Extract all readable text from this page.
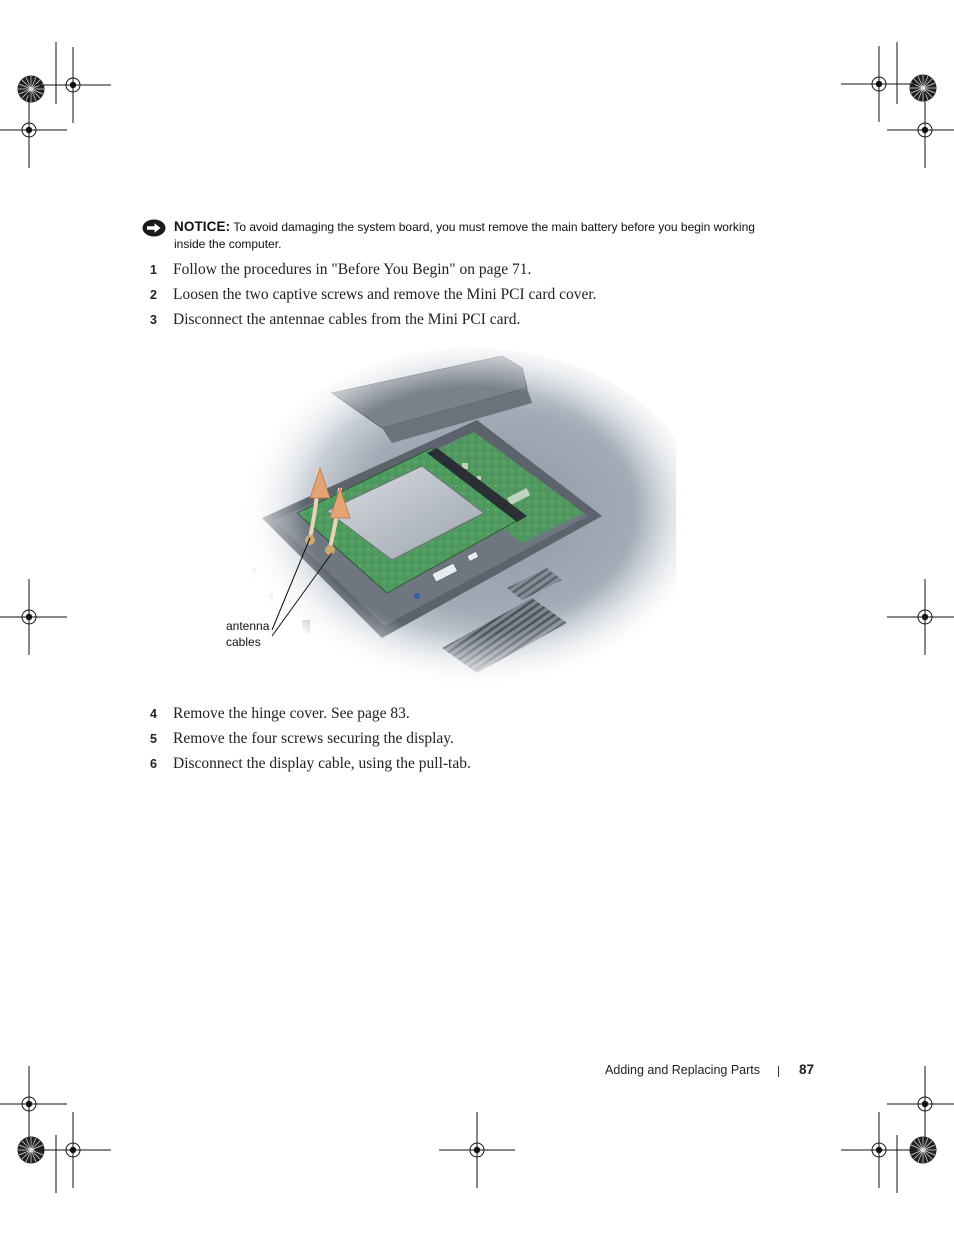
NOTICE: To avoid damaging the system board, you must remove the main battery before you begin working inside the computer.
1 Follow the procedures in "Before You Begin" on page 71.
2 Loosen the two captive screws and remove the Mini PCI card cover.
3 Disconnect the antennae cables from the Mini PCI card.
antenna
cables
4 Remove the hinge cover. See page 83.
5 Remove the four screws securing the display.
6 Disconnect the display cable, using the pull-tab.
Adding and Replacing Parts	87
